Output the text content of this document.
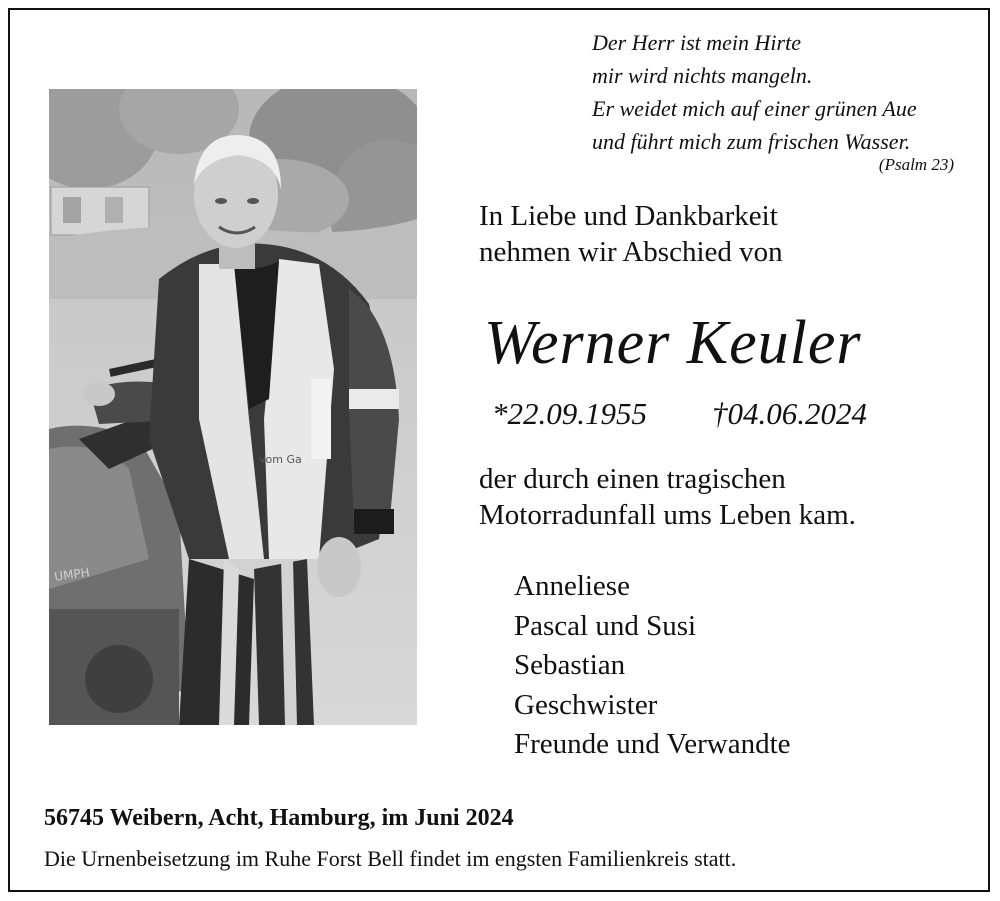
UMPH
vom Ga
Der Herr ist mein Hirte
mir wird nichts mangeln.
Er weidet mich auf einer grünen Aue
und führt mich zum frischen Wasser.
(Psalm 23)
In Liebe und Dankbarkeit
nehmen wir Abschied von
Werner Keuler
*22.09.1955 †04.06.2024
der durch einen tragischen
Motorradunfall ums Leben kam.
Anneliese
Pascal und Susi
Sebastian
Geschwister
Freunde und Verwandte
56745 Weibern, Acht, Hamburg, im Juni 2024
Die Urnenbeisetzung im Ruhe Forst Bell findet im engsten Familienkreis statt.
